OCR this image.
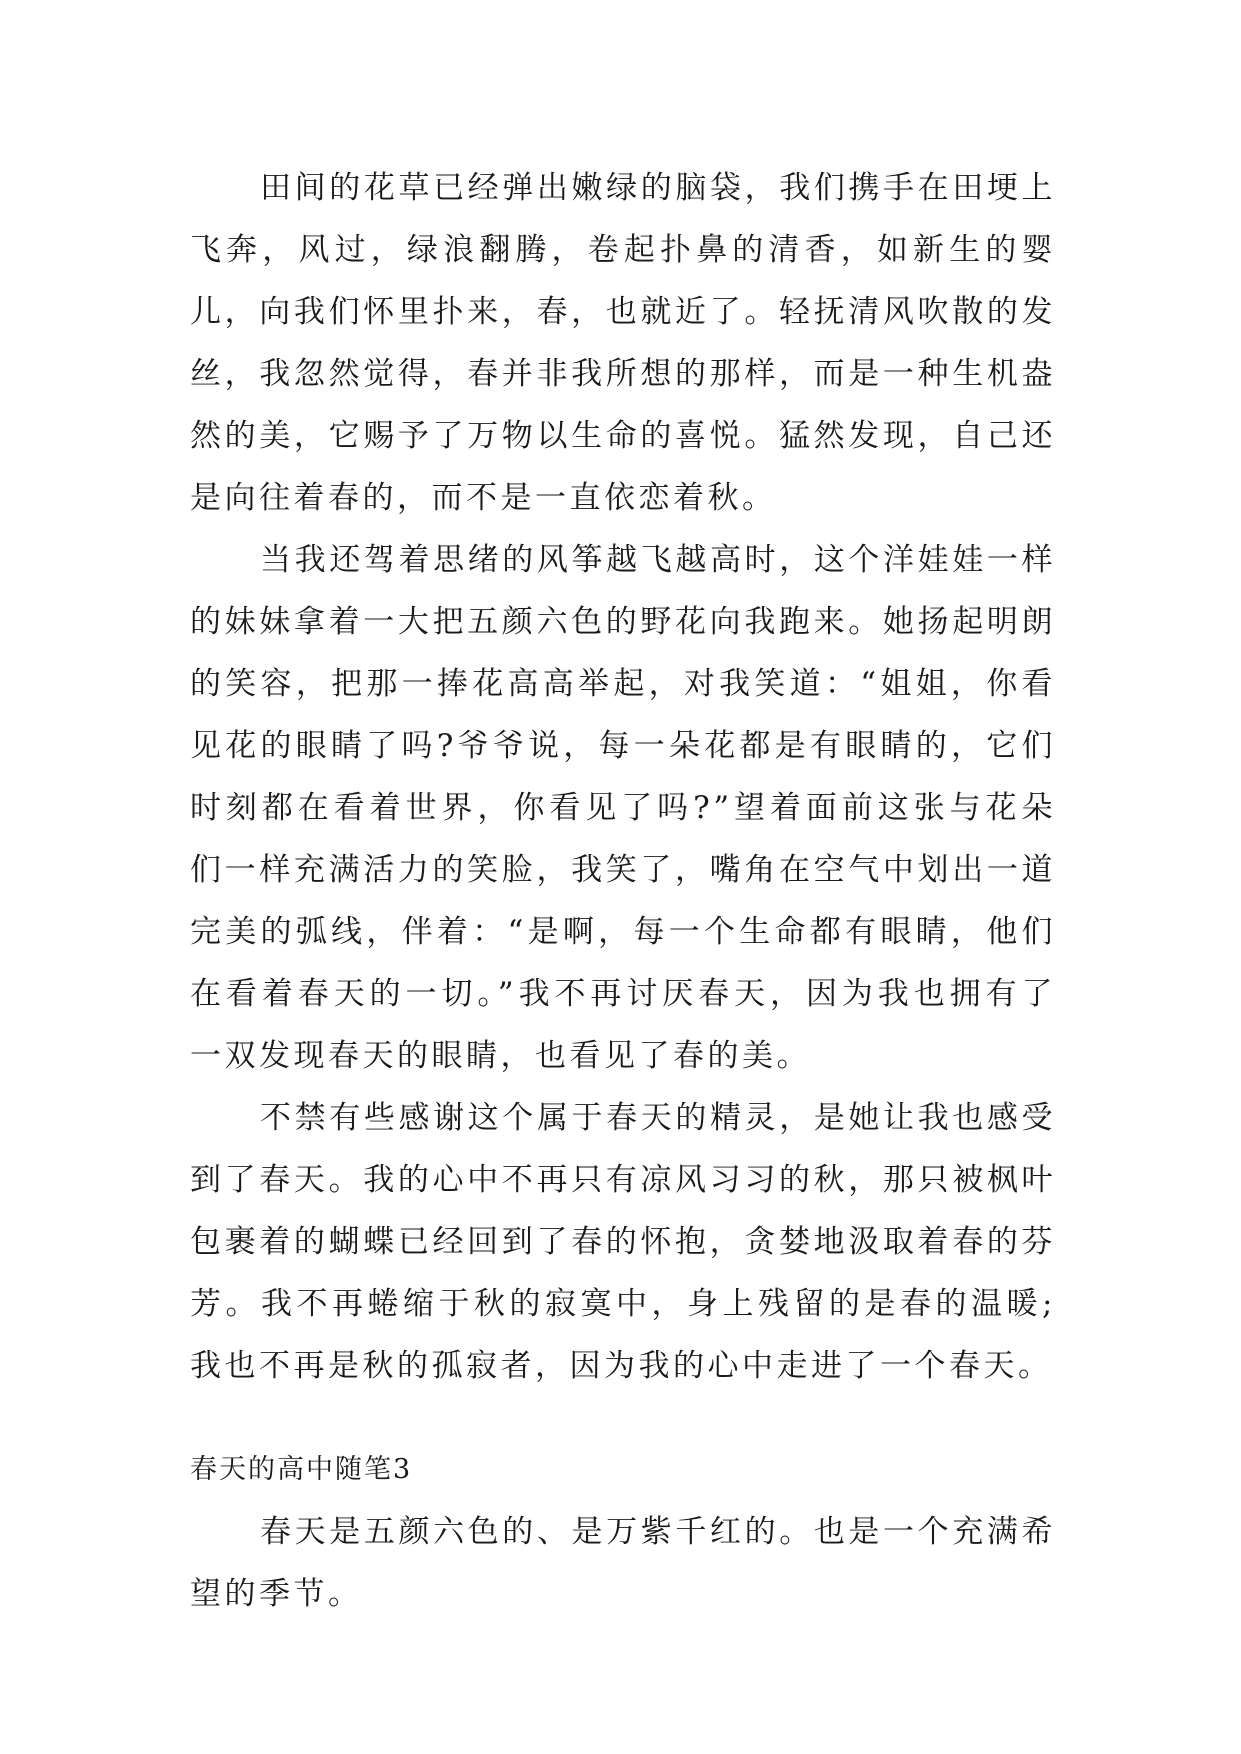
田间的花草已经弹出嫩绿的脑袋，我们携手在田埂上飞奔，风过，绿浪翻腾，卷起扑鼻的清香，如新生的婴儿，向我们怀里扑来，春，也就近了。轻抚清风吹散的发丝，我忽然觉得，春并非我所想的那样，而是一种生机盎然的美，它赐予了万物以生命的喜悦。猛然发现，自己还是向往着春的，而不是一直依恋着秋。

当我还驾着思绪的风筝越飞越高时，这个洋娃娃一样的妹妹拿着一大把五颜六色的野花向我跑来。她扬起明朗的笑容，把那一捧花高高举起，对我笑道：“姐姐，你看见花的眼睛了吗?爷爷说，每一朵花都是有眼睛的，它们时刻都在看着世界，你看见了吗?”望着面前这张与花朵们一样充满活力的笑脸，我笑了，嘴角在空气中划出一道完美的弧线，伴着：“是啊，每一个生命都有眼睛，他们在看着春天的一切。”我不再讨厌春天，因为我也拥有了一双发现春天的眼睛，也看见了春的美。

不禁有些感谢这个属于春天的精灵，是她让我也感受到了春天。我的心中不再只有凉风习习的秋，那只被枫叶包裹着的蝴蝶已经回到了春的怀抱，贪婪地汲取着春的芬芳。我不再蜷缩于秋的寂寞中，身上残留的是春的温暖;我也不再是秋的孤寂者，因为我的心中走进了一个春天。

春天的高中随笔3

春天是五颜六色的、是万紫千红的。也是一个充满希望的季节。
